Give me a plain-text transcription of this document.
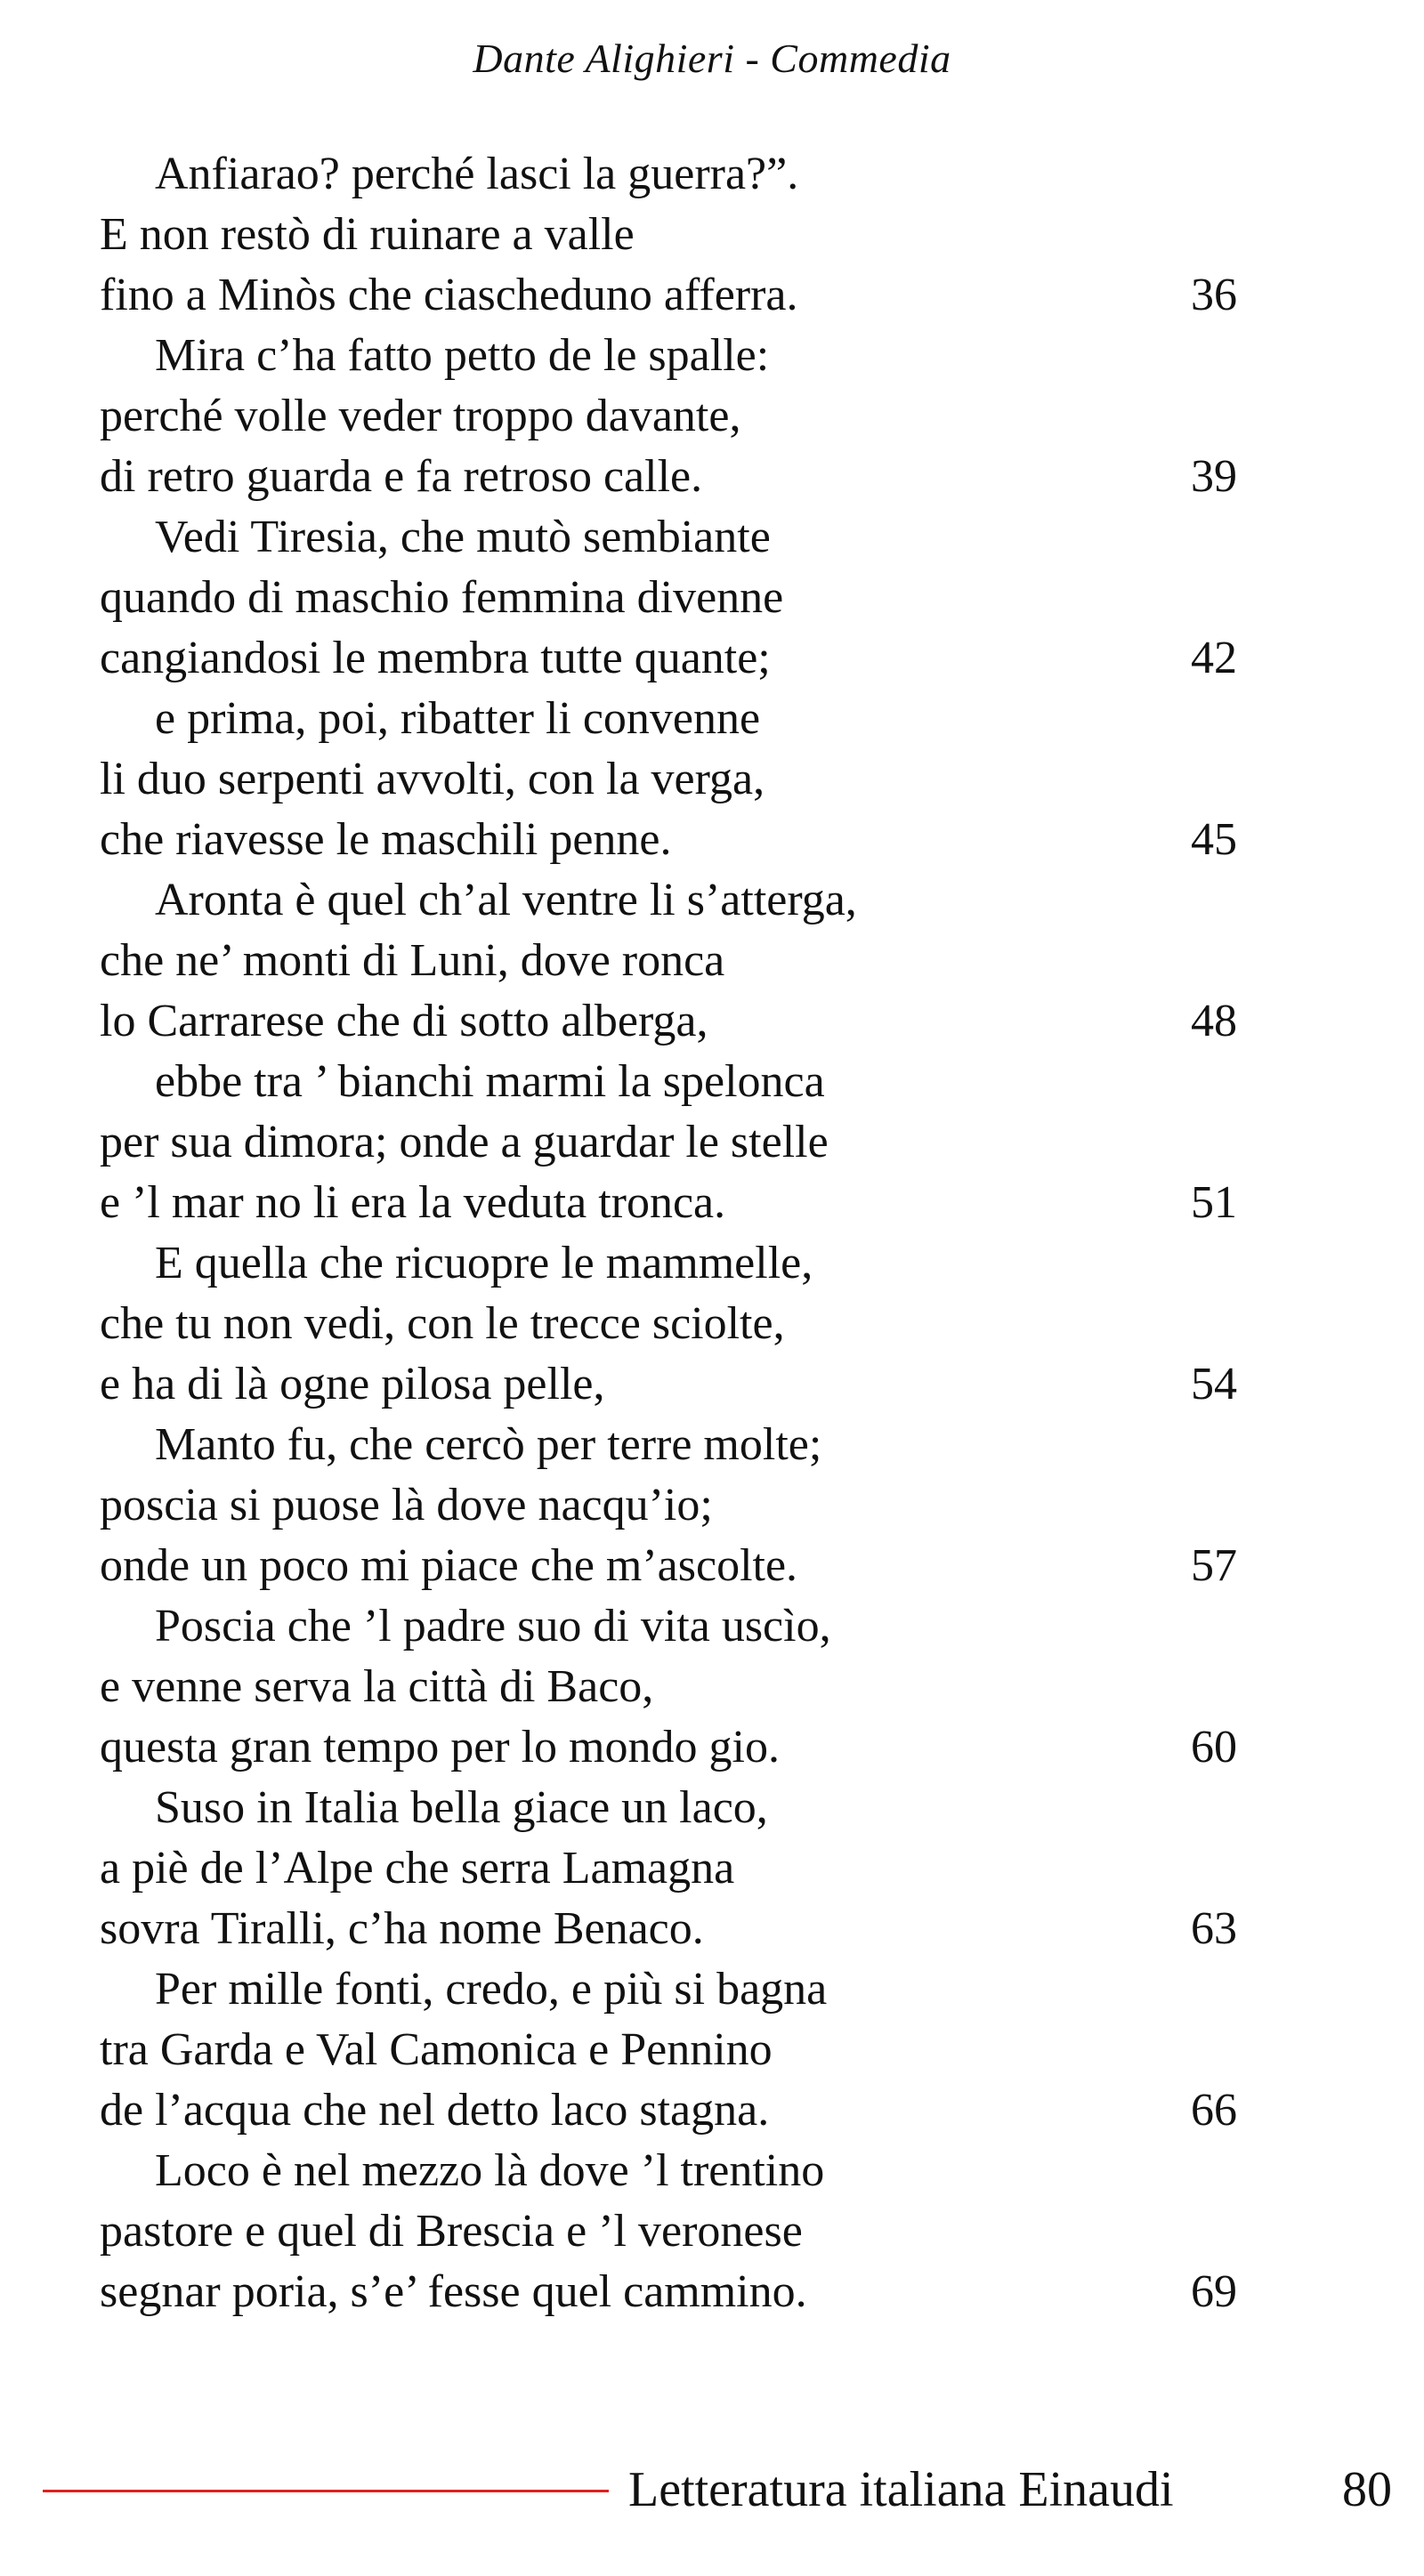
Dante Alighieri - Commedia
Anfiarao? perché lasci la guerra?”.
E non restò di ruinare a valle
fino a Minòs che ciascheduno afferra.	36
Mira c’ha fatto petto de le spalle:
perché volle veder troppo davante,
di retro guarda e fa retroso calle.	39
Vedi Tiresia, che mutò sembiante
quando di maschio femmina divenne
cangiandosi le membra tutte quante;	42
e prima, poi, ribatter li convenne
li duo serpenti avvolti, con la verga,
che riavesse le maschili penne.	45
Aronta è quel ch’al ventre li s’atterga,
che ne’ monti di Luni, dove ronca
lo Carrarese che di sotto alberga,	48
ebbe tra ’ bianchi marmi la spelonca
per sua dimora; onde a guardar le stelle
e ’l mar no li era la veduta tronca.	51
E quella che ricuopre le mammelle,
che tu non vedi, con le trecce sciolte,
e ha di là ogne pilosa pelle,	54
Manto fu, che cercò per terre molte;
poscia si puose là dove nacqu’io;
onde un poco mi piace che m’ascolte.	57
Poscia che ’l padre suo di vita uscìo,
e venne serva la città di Baco,
questa gran tempo per lo mondo gio.	60
Suso in Italia bella giace un laco,
a piè de l’Alpe che serra Lamagna
sovra Tiralli, c’ha nome Benaco.	63
Per mille fonti, credo, e più si bagna
tra Garda e Val Camonica e Pennino
de l’acqua che nel detto laco stagna.	66
Loco è nel mezzo là dove ’l trentino
pastore e quel di Brescia e ’l veronese
segnar poria, s’e’ fesse quel cammino.	69
Letteratura italiana Einaudi	80
